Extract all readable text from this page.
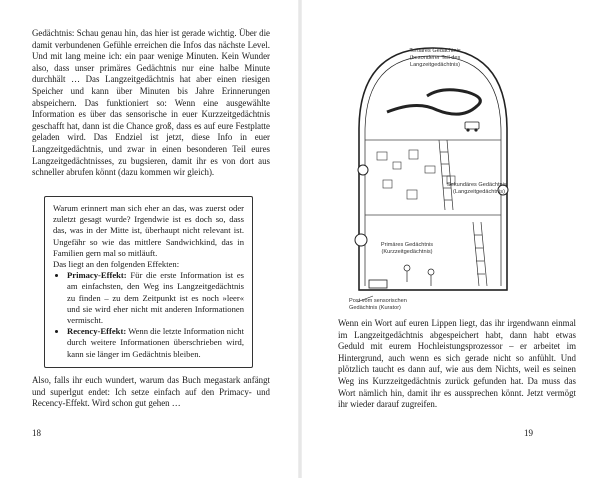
Gedächtnis: Schau genau hin, das hier ist gerade wichtig. Über die damit verbundenen Gefühle erreichen die Infos das nächste Level. Und mit lang meine ich: ein paar wenige Minuten. Kein Wunder also, dass unser primäres Gedächtnis nur eine halbe Minute durchhält … Das Langzeitgedächtnis hat aber einen riesigen Speicher und kann über Minuten bis Jahre Erinnerungen abspeichern. Das funktioniert so: Wenn eine ausgewählte Information es über das sensorische in euer Kurzzeitgedächtnis geschafft hat, dann ist die Chance groß, dass es auf eure Festplatte geladen wird. Das Endziel ist jetzt, diese Info in euer Langzeitgedächtnis, und zwar in einen besonderen Teil eures Langzeitgedächtnisses, zu bugsieren, damit ihr es von dort aus schneller abrufen könnt (dazu kommen wir gleich).

Warum erinnert man sich eher an das, was zuerst oder zuletzt gesagt wurde? Irgendwie ist es doch so, dass das, was in der Mitte ist, überhaupt nicht relevant ist. Ungefähr so wie das mittlere Sandwichkind, das in Familien gern mal so mitläuft.

Das liegt an den folgenden Effekten:

• Primacy-Effekt: Für die erste Information ist es am einfachsten, den Weg ins Langzeitgedächtnis zu finden – zu dem Zeitpunkt ist es noch »leer« und sie wird eher nicht mit anderen Informationen vermischt.
• Recency-Effekt: Wenn die letzte Information nicht durch weitere Informationen überschrieben wird, kann sie länger im Gedächtnis bleiben.

Also, falls ihr euch wundert, warum das Buch megastark anfängt und superlgut endet: Ich setze einfach auf den Primacy- und Recency-Effekt. Wird schon gut gehen …

18
Tertiäres Gedächtnis
(besonderer Teil des
Langzeitgedächtnis)
Sekundäres Gedächtnis
(Langzeitgedächtnis)
Primäres Gedächtnis
(Kurzzeitgedächtnis)
Post vom sensorischen
Gedächtnis (Kurator)

Wenn ein Wort auf euren Lippen liegt, das ihr irgendwann einmal im Langzeitgedächtnis abgespeichert habt, dann habt etwas Geduld mit eurem Hochleistungsprozessor – er arbeitet im Hintergrund, auch wenn es sich gerade nicht so anfühlt. Und plötzlich taucht es dann auf, wie aus dem Nichts, weil es seinen Weg ins Kurzzeitgedächtnis zurück gefunden hat. Da muss das Wort nämlich hin, damit ihr es aussprechen könnt. Jetzt vermögt ihr wieder darauf zugreifen.

19
